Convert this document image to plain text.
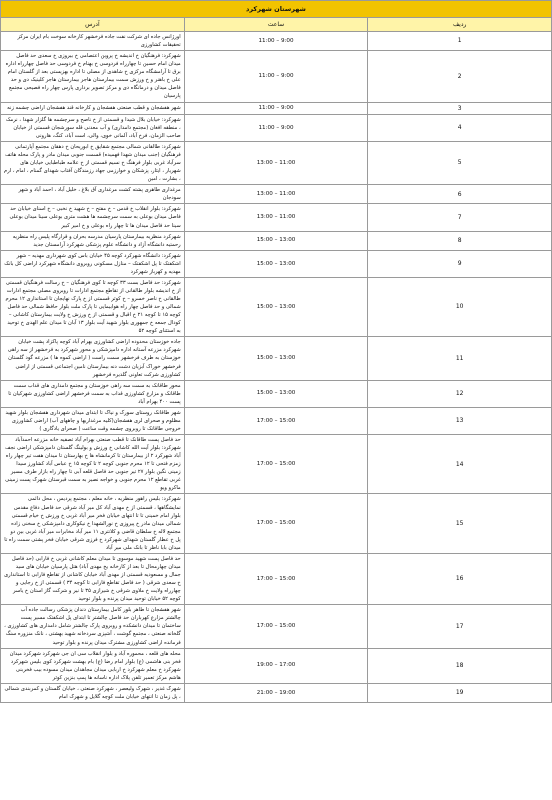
شهرستان شهرکرد		
ردیف	ساعت	آدرس
1	9:00 – 11:00	اورژانس جاده ای شرکت نفت جاده فرخشهر کارخانه سوخت بام ایران مرکز تحقیقات کشاورزی
2	9:00 – 11:00	شهرکرد: فرهنگیان خ اندیشه خ پروین اعتصامی خ بیروزی خ سعدی حد فاصل میدان امام حسین تا چهارراه فردوسی خ بهنام خ فردوسی حد فاصل چهارراه اداره برق تا آرامشگاه مرکزی خ شاهدی از مصلی تا اداره بهزیستی بعد از گلستان امام علی خ باهنر و خ ورزش سمت بیمارستان هاجر بیمارستان هاجر کلینیک دی و حد فاصل میدان و درمانگاه دی و مرکز تصویر برداری پارس چهار راه فصیحی مجتمع پارسیان
3	9:00 – 11:00	شهر هفشجان و قطب صنعتی هفشجان و کارخانه قند هفشجان اراضی چشمه زنه
4	9:00 – 11:00	شهرکرد: خیابان بلال شیدا و قسمتی از خ ناصح و سرچشمه ها گلزار شهدا ، نرمک ، منطقه افغان (مجتمع دامداری) و آب معدنی قله سورشجان قسمتی از خیابان صاحب الزمان، فرخ آباد، آلمانی خوی، والی، است آباد، کنگ، هارونی
5	11:00 – 13:00	شهرکرد: طالقانی شمالی مجتمع شقایق خ ابوریحان خ دهقان مجتمع آپارتمانی فرهنگیان (جنب میدان شهدا فهمیده) قسمت جنوبی میدان مادر و پارک محله هاتف سرآباد غربی بلوار فرهنگ خ نسیم قسمتی از خ علامه طباطبایی خیابان های شهریار ، ایثار، پزشکان و خوارزمی جهاد رزمندگان آفتاب شهدای گمنام ، امام ، ارم ، بشارت ، امین
6	11:00 – 13:00	مرغداری طاهری پشته کشت مرغداری آق بلاغ ، خلیل آباد ، احمد آباد و شهر سودجان
7	11:00 – 13:00	شهرکرد: بلوار انقلاب خ قدس – خ مفتح – خ شهید خ نخبی – خ اسنای خیابان حد فاصل میدان بوعلی به سمت سرچشمه ها هشت متری بوعلی سینا میدان بوعلی سینا حد فاصل میدان ها تا چهار راه بوعلی و خ امیر کبیر
8	13:00 – 15:00	شهرکرد منظریه بیمارستان پارسیان مدرسه بحران و قرارگاه پلیس راه منظریه رحمتیه دانشگاه آزاد و دانشگاه علوم پزشکی شهرکرد آرامستان جدید
9	13:00 – 15:00	شهرکرد: دانشگاه شهرکرد کوچه ۴۵ خیابان باس کوی شهرداری مهدیه – شهر اشکفتک تا پل اشکفتک – منازل مسکونی روبروی دانشگاه شهرکرد اراضی کل بانک مهدیه و کهرباز شهرکرد
10	13:00 – 15:00	شهرکرد: حد فاصل بست ۳۳ کوچه تا کوی فرهنگیان – خ رسالت فرهنگیان قسمتی از خ اندیشه بلوار طالقانی از تقاطع مجتمع ادارات تا روبروی مصلی مجتمع ادارات طالقانی خ ناصر خسرو – خ کوثر قسمتی از خ پارک نهایجان تا استانداری ۱۲ محرم شمالی و حد فاصل چهار راه هوابیمایی تا پارک ملت بلوار حافظ شمالی حد فاصل کوچه ۱۵ تا کوچه ۲۱ خ اقبال و قسمتی از خ ورزش خ ولایت بیمارستان کاشانی – کودال جمعه خ جمهوری بلوار شهید آیت بلوار ۱۳ آبان تا میدان علم الهدی خ توحید به استثنای کوچه ۵۲
11	13:00 – 15:00	جاده خوزستان محدوده اراضی کشاورزی بهرام آباد کوچه پاکزاد پشت خیابان شهرکرد مزرعه آستانه اداره دامپزشکی و محور شهرکرد به فرخشهر از سه راهی خوزستان به طرف فرخشهر سمت راست ( اراضی کموه ها ) مزرعه گود گلستان فرخشهر خوراک آبزیان دشت دنه بیمارستان نامین اجتماعی قسمتی از اراضی کشاورزی شرکت تعاونی گلذیره فرخشهر
12	13:00 – 15:00	محور طاقانک به سمت سه راهی خوزستان و مجتمع دامداری های قداب سمت طاقانک و مزارع کشاورزی قداب به سمت فرخشهر اراضی کشاورزی شهرکیان تا پست ۴۰۰ بهرام آباد
13	15:00 – 17:00	شهر طاقانک روستای سورک و نیاک تا ابتدای میدان شهرداری هفشجان بلوار شهید مظلوم و صحرای لری هفشجان(کلیه مرغداریها و چاههای آب) اراضی کشاورزی خروجی طاقانک تا روبروی چشمه وقت ساعت ( صحرای یادگاری )
14	15:00 – 17:00	حد فاصل پست طاقانک تا قطب صنعتی بهرام آباد تصفیه خانه مزرعه احمدآباد شهرکرد: بلوار آیت الله کاشانی خ ورزش و بولینگ گلستان دامپزشکی اراضی نجف آباد شهرکرد ۲ از بیمارستان تا کرمانشاه ها خ بهارستان تا میدان هفت تیر چهار راه زمزم فتحی تا ۱۲ محرم جنوبی کوچه ۲ تا کوچه ۱۵ خ عباس آباد کشاورز سیدا زمینی نگین بلوار ۲۷ تیر جنوبی حد فاصل قلعه آبی تا چهار راه بازار طرف مسیر غربی تقاطع ۱۲ محرم جنوبی و خواجه نصیر به سمت قبرستان شهرک پست زمینی ماکرو ویو
15	15:00 – 17:00	شهرکرد: بلیس راهور منظریه ، خانه معلم ، مجتمع پردیس ، محل دائمی نمایشگاهها ، قسمتی از خ مهدی آباد کل میر آباد شرقی حد فاصل دفاع مقدس بلوار امام خمینی تا تا انتهای خیابان فخر میر آباد غربی خ ورزش خ خیام قسمتی شمالی میدان مادر خ پیروزی خ نورالشهدا خ نیکوکاری دامپزشکی خ سخنی زاده مجتمع لاله خ سلطان قاضی و کلانتری ۱۱ میر آباد مخابرات میر آباد غربی بین دو پل خ عطار گلستان شهدای شهرکرد خ فرزی شرقی خیابان فخر پشتی سمت راه تا میدان بابا ناظر تا بانک ملی میر آباد
16	15:00 – 17:00	حد فاصل پست شهید موسوی تا میدان معلم کاشانی غربی خ فارابی (حد فاصل میدان چهارمحال تا بعد از کارخانه یخ مهدی آباد) هتل پارسیان خیابان های سید جمال و مسعودیه قسمتی از مهدی آباد خیابان کاشانی از تقاطع فارابی تا استانداری خ سعدی شرقی ( حد فاصل تقاطع فارابی تا کوچه ۳۴ ) قسمتی از خ رجایی و چهارراه ولایت خ ملاوی شرقی خ شیرازی ۳۵ تا نیر و شرکت گاز استان خ یاسر کوچه ۵۲ خیابان توحید میدان پرنده و بلوار توحید
17	15:00 – 17:00	شهر هفشجان تا طاهر بلور کامل بیمارستان دندان پزشکی رسالت جاده آب چالشتر مزارع کهرباران حد فاصل چالشتر تا ابتدای پل اشکفتک مسیر پست ساختمان تا میدان دانشکده و روبروی پارک چالشتر شامل دامداری های کشاورزی ، گلخانه صنعتی ، مجتمع گوشت ، آشپزی سردخانه شهید بهشتی ، نانک منزوره سنگ فرمانده اراضی کشاورزی مشترک میدان پرنده و بلوار توحید
18	17:00 – 19:00	محله های قلعه ، محموره آباد و بلوار انقلاب سی ان جی شهرکرد شهرکرد میدان فخر بنی هاشمی (ع) بلوار امام رضا (ع) بام بهشت شهرکرد کوی بلیس شهرکرد شهرکرد خ معلم شهرکرد خ اربابی میدان مجاهدان میدان مسوده بیب فخربنی هاشم مرکز تعمیر تلفن پلاک اداره ناسانه ها پمپ بنزین کوثر
19	19:00 – 21:00	شهرک غدیر ، شهرک ولیعصر ، شهرکرد صنعتی ، خیابان گلستان و کمربندی شمالی ، پل زمان تا انتهای خیابان ملت کوچه گلایل و شهرک امام
